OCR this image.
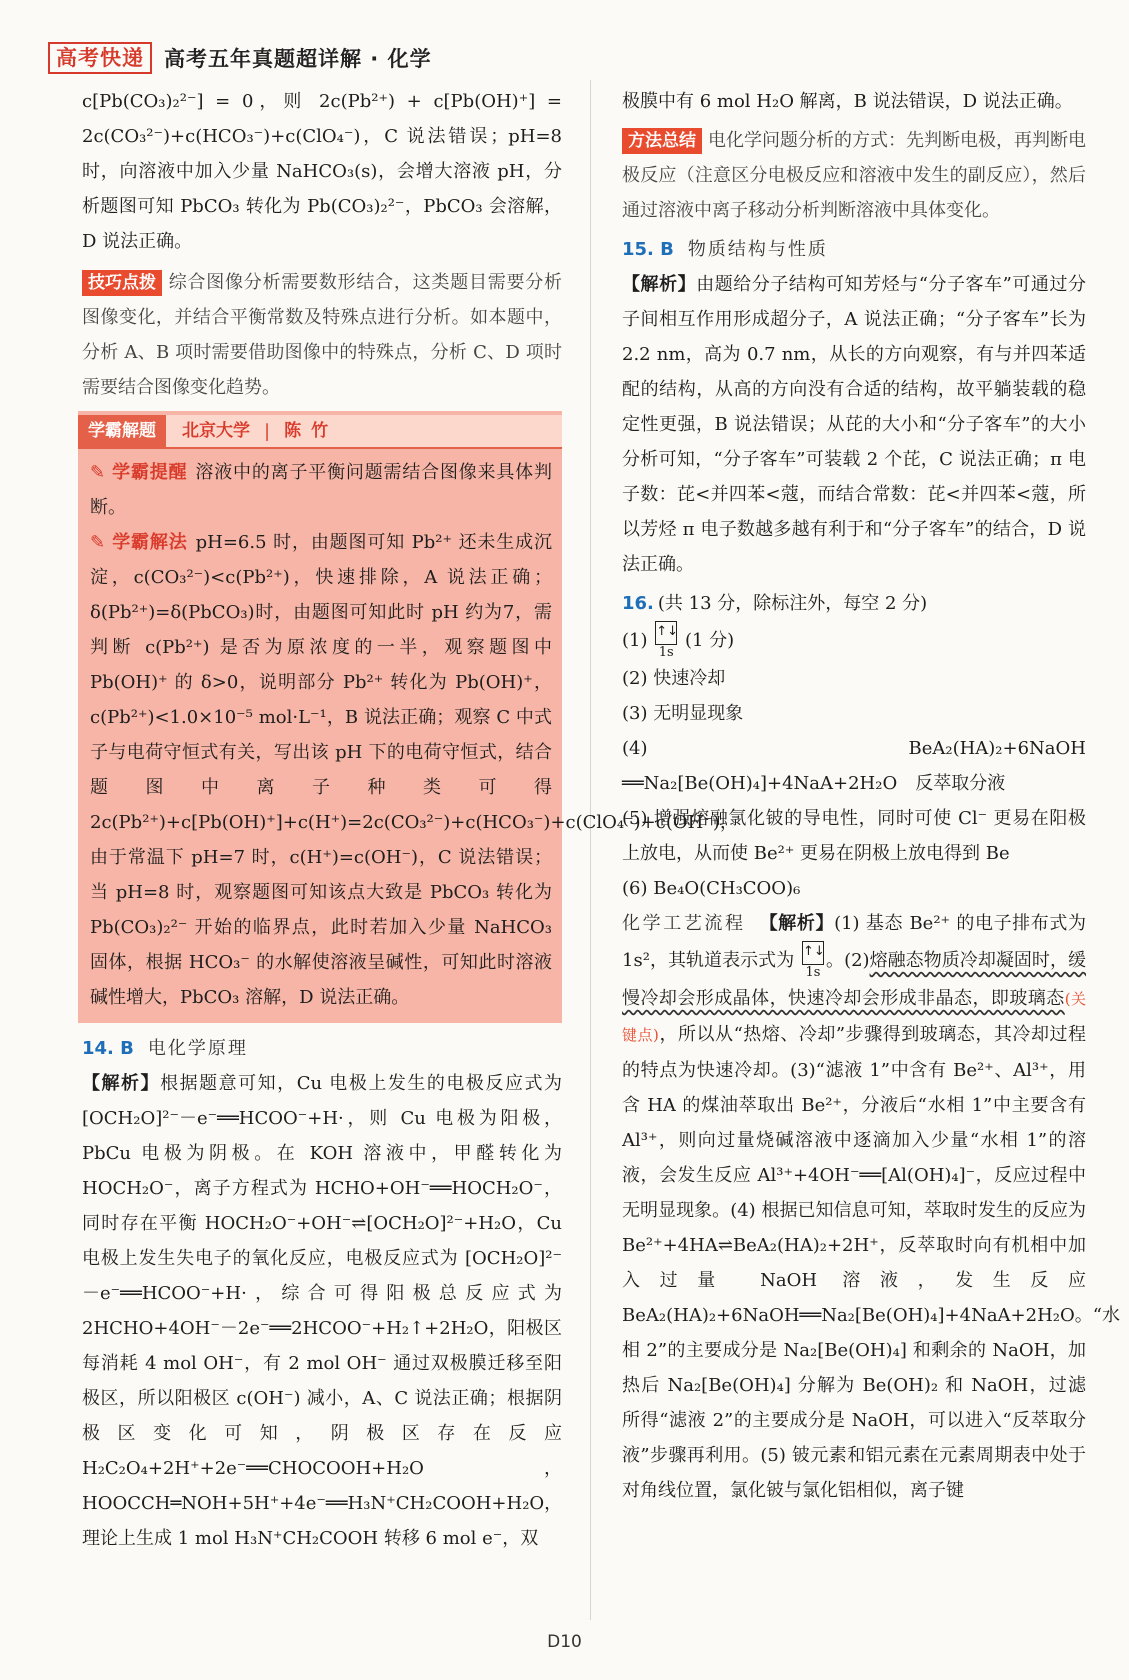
高考快递 高考五年真题超详解 · 化学

c[Pb(CO₃)₂²⁻] = 0，则 2c(Pb²⁺) + c[Pb(OH)⁺] = 2c(CO₃²⁻)+c(HCO₃⁻)+c(ClO₄⁻)，C 说法错误；pH=8 时，向溶液中加入少量 NaHCO₃(s)，会增大溶液 pH，分析题图可知 PbCO₃ 转化为 Pb(CO₃)₂²⁻，PbCO₃ 会溶解，D 说法正确。

技巧点拨 综合图像分析需要数形结合，这类题目需要分析图像变化，并结合平衡常数及特殊点进行分析。如本题中，分析 A、B 项时需要借助图像中的特殊点，分析 C、D 项时需要结合图像变化趋势。

学霸解题	北京大学 | 陈竹

✎ 学霸提醒 溶液中的离子平衡问题需结合图像来具体判断。

✎ 学霸解法 pH=6.5 时，由题图可知 Pb²⁺ 还未生成沉淀，c(CO₃²⁻)<c(Pb²⁺)，快速排除，A 说法正确；δ(Pb²⁺)=δ(PbCO₃)时，由题图可知此时 pH 约为7，需判断 c(Pb²⁺) 是否为原浓度的一半，观察题图中 Pb(OH)⁺ 的 δ>0，说明部分 Pb²⁺ 转化为 Pb(OH)⁺，c(Pb²⁺)<1.0×10⁻⁵ mol·L⁻¹，B 说法正确；观察 C 中式子与电荷守恒式有关，写出该 pH 下的电荷守恒式，结合题图中离子种类可得 2c(Pb²⁺)+c[Pb(OH)⁺]+c(H⁺)=2c(CO₃²⁻)+c(HCO₃⁻)+c(ClO₄⁻)+c(OH⁻)，由于常温下 pH=7 时，c(H⁺)=c(OH⁻)，C 说法错误；当 pH=8 时，观察题图可知该点大致是 PbCO₃ 转化为 Pb(CO₃)₂²⁻ 开始的临界点，此时若加入少量 NaHCO₃ 固体，根据 HCO₃⁻ 的水解使溶液呈碱性，可知此时溶液碱性增大，PbCO₃ 溶解，D 说法正确。

14. B 电化学原理

【解析】根据题意可知，Cu 电极上发生的电极反应式为 [OCH₂O]²⁻－e⁻══HCOO⁻+H·，则 Cu 电极为阳极，PbCu 电极为阴极。在 KOH 溶液中，甲醛转化为 HOCH₂O⁻，离子方程式为 HCHO+OH⁻══HOCH₂O⁻，同时存在平衡 HOCH₂O⁻+OH⁻⇌[OCH₂O]²⁻+H₂O，Cu 电极上发生失电子的氧化反应，电极反应式为 [OCH₂O]²⁻－e⁻══HCOO⁻+H·，综合可得阳极总反应式为 2HCHO+4OH⁻－2e⁻══2HCOO⁻+H₂↑+2H₂O，阳极区每消耗 4 mol OH⁻，有 2 mol OH⁻ 通过双极膜迁移至阳极区，所以阳极区 c(OH⁻) 减小，A、C 说法正确；根据阴极区变化可知，阴极区存在反应 H₂C₂O₄+2H⁺+2e⁻══CHOCOOH+H₂O，HOOCCH═NOH+5H⁺+4e⁻══H₃N⁺CH₂COOH+H₂O，理论上生成 1 mol H₃N⁺CH₂COOH 转移 6 mol e⁻，双

极膜中有 6 mol H₂O 解离，B 说法错误，D 说法正确。

方法总结 电化学问题分析的方式：先判断电极，再判断电极反应（注意区分电极反应和溶液中发生的副反应），然后通过溶液中离子移动分析判断溶液中具体变化。

15. B 物质结构与性质

【解析】由题给分子结构可知芳烃与“分子客车”可通过分子间相互作用形成超分子，A 说法正确；“分子客车”长为 2.2 nm，高为 0.7 nm，从长的方向观察，有与并四苯适配的结构，从高的方向没有合适的结构，故平躺装载的稳定性更强，B 说法错误；从芘的大小和“分子客车”的大小分析可知，“分子客车”可装载 2 个芘，C 说法正确；π 电子数：芘<并四苯<蔻，而结合常数：芘<并四苯<蔻，所以芳烃 π 电子数越多越有利于和“分子客车”的结合，D 说法正确。

16. (共 13 分，除标注外，每空 2 分)

(1) ↑↓
1s
(1 分)

(2) 快速冷却

(3) 无明显现象

(4) BeA₂(HA)₂+6NaOH ══Na₂[Be(OH)₄]+4NaA+2H₂O　反萃取分液

(5) 增强熔融氯化铍的导电性，同时可使 Cl⁻ 更易在阳极上放电，从而使 Be²⁺ 更易在阴极上放电得到 Be

(6) Be₄O(CH₃COO)₆

化学工艺流程 【解析】(1) 基态 Be²⁺ 的电子排布式为 1s²，其轨道表示式为 ↑↓
1s
。(2)熔融态物质冷却凝固时，缓慢冷却会形成晶体，快速冷却会形成非晶态，即玻璃态(关键点)，所以从“热熔、冷却”步骤得到玻璃态，其冷却过程的特点为快速冷却。(3)“滤液 1”中含有 Be²⁺、Al³⁺，用含 HA 的煤油萃取出 Be²⁺，分液后“水相 1”中主要含有 Al³⁺，则向过量烧碱溶液中逐滴加入少量“水相 1”的溶液，会发生反应 Al³⁺+4OH⁻══[Al(OH)₄]⁻，反应过程中无明显现象。(4) 根据已知信息可知，萃取时发生的反应为 Be²⁺+4HA⇌BeA₂(HA)₂+2H⁺，反萃取时向有机相中加入过量 NaOH 溶液，发生反应 BeA₂(HA)₂+6NaOH══Na₂[Be(OH)₄]+4NaA+2H₂O。“水相 2”的主要成分是 Na₂[Be(OH)₄] 和剩余的 NaOH，加热后 Na₂[Be(OH)₄] 分解为 Be(OH)₂ 和 NaOH，过滤所得“滤液 2”的主要成分是 NaOH，可以进入“反萃取分液”步骤再利用。(5) 铍元素和铝元素在元素周期表中处于对角线位置，氯化铍与氯化铝相似，离子键

D10
